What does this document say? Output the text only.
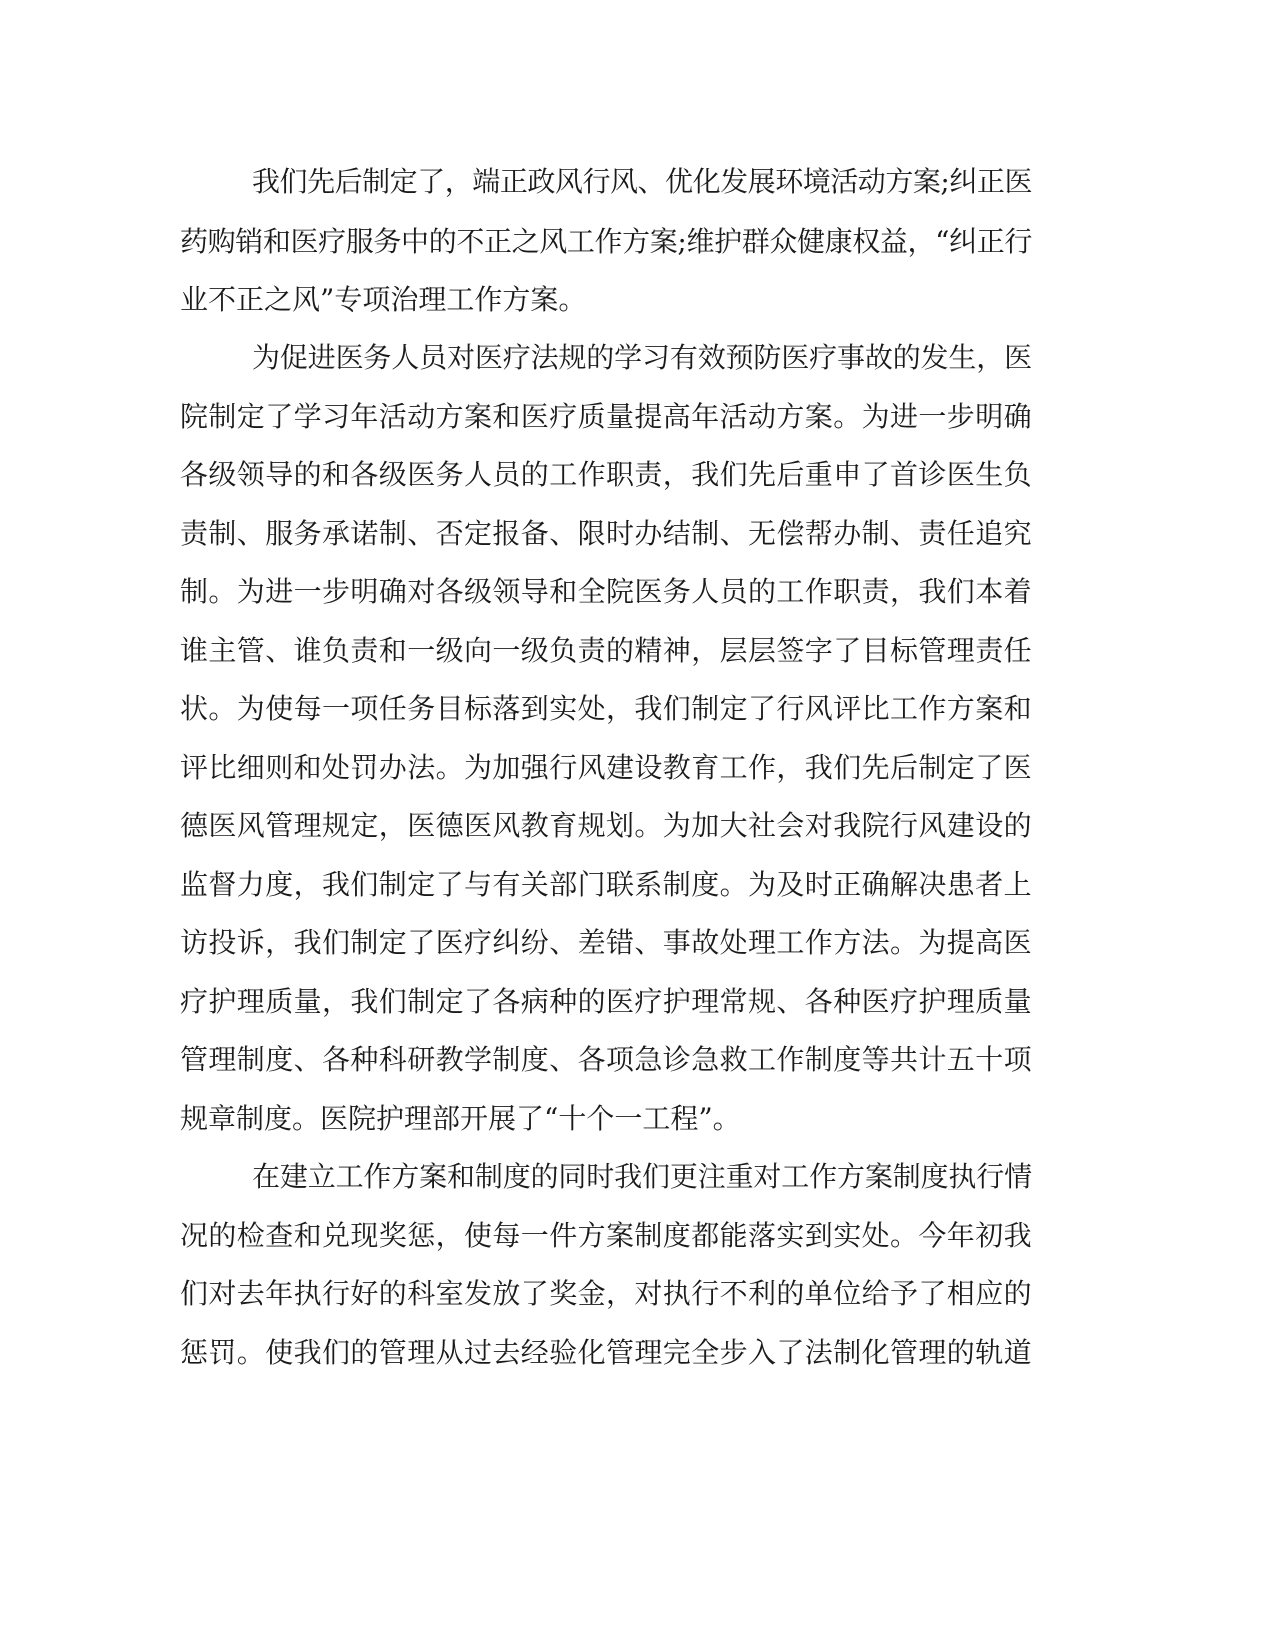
我们先后制定了，端正政风行风、优化发展环境活动方案;纠正医
药购销和医疗服务中的不正之风工作方案;维护群众健康权益，“纠正行
业不正之风”专项治理工作方案。
为促进医务人员对医疗法规的学习有效预防医疗事故的发生，医
院制定了学习年活动方案和医疗质量提高年活动方案。为进一步明确
各级领导的和各级医务人员的工作职责，我们先后重申了首诊医生负
责制、服务承诺制、否定报备、限时办结制、无偿帮办制、责任追究
制。为进一步明确对各级领导和全院医务人员的工作职责，我们本着
谁主管、谁负责和一级向一级负责的精神，层层签字了目标管理责任
状。为使每一项任务目标落到实处，我们制定了行风评比工作方案和
评比细则和处罚办法。为加强行风建设教育工作，我们先后制定了医
德医风管理规定，医德医风教育规划。为加大社会对我院行风建设的
监督力度，我们制定了与有关部门联系制度。为及时正确解决患者上
访投诉，我们制定了医疗纠纷、差错、事故处理工作方法。为提高医
疗护理质量，我们制定了各病种的医疗护理常规、各种医疗护理质量
管理制度、各种科研教学制度、各项急诊急救工作制度等共计五十项
规章制度。医院护理部开展了“十个一工程”。
在建立工作方案和制度的同时我们更注重对工作方案制度执行情
况的检查和兑现奖惩，使每一件方案制度都能落实到实处。今年初我
们对去年执行好的科室发放了奖金，对执行不利的单位给予了相应的
惩罚。使我们的管理从过去经验化管理完全步入了法制化管理的轨道
